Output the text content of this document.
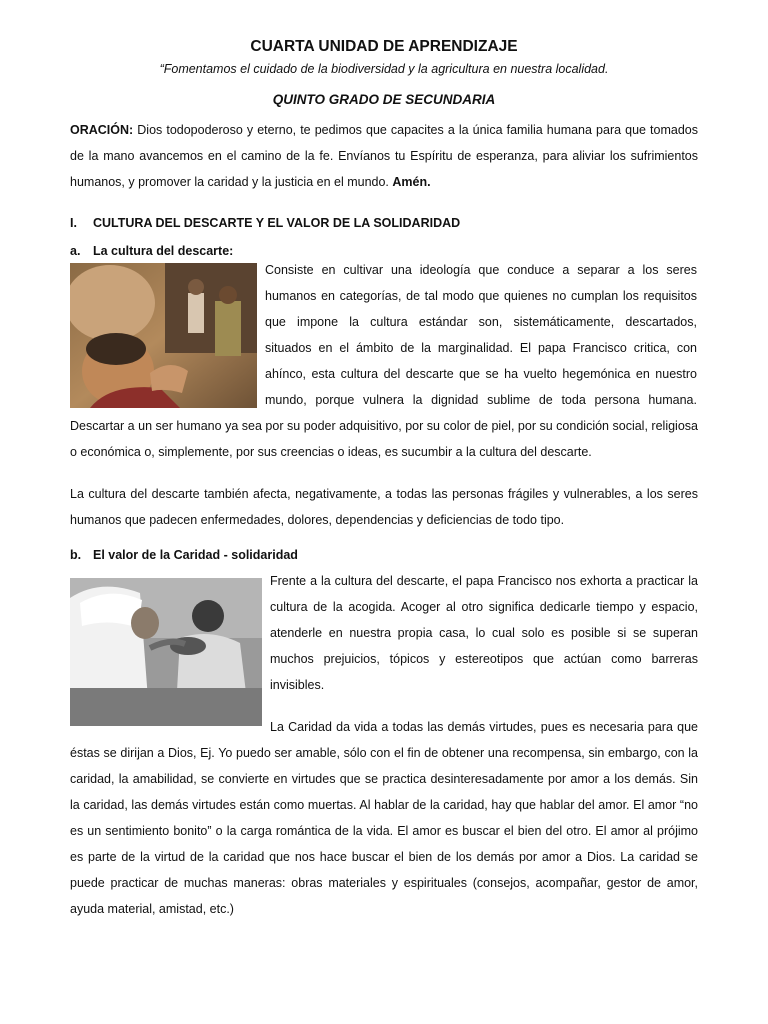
CUARTA UNIDAD DE APRENDIZAJE
“Fomentamos el cuidado de la biodiversidad y la agricultura en nuestra localidad.
QUINTO GRADO DE SECUNDARIA

ORACIÓN: Dios todopoderoso y eterno, te pedimos que capacites a la única familia humana para que tomados de la mano avancemos en el camino de la fe. Envíanos tu Espíritu de esperanza, para aliviar los sufrimientos humanos, y promover la caridad y la justicia en el mundo. Amén.

I. CULTURA DEL DESCARTE Y EL VALOR DE LA SOLIDARIDAD
a. La cultura del descarte:
Consiste en cultivar una ideología que conduce a separar a los seres
humanos en categorías, de tal modo que quienes no cumplan los requisitos
que impone la cultura estándar son, sistemáticamente, descartados,
situados en el ámbito de la marginalidad. El papa Francisco critica, con
ahínco, esta cultura del descarte que se ha vuelto hegemónica en nuestro
mundo, porque vulnera la dignidad sublime de toda persona humana.

Descartar a un ser humano ya sea por su poder adquisitivo, por su color de piel, por su condición social, religiosa o económica o, simplemente, por sus creencias o ideas, es sucumbir a la cultura del descarte.

La cultura del descarte también afecta, negativamente, a todas las personas frágiles y vulnerables, a los seres humanos que padecen enfermedades, dolores, dependencias y deficiencias de todo tipo.

b. El valor de la Caridad - solidaridad

Frente a la cultura del descarte, el papa Francisco nos exhorta a practicar la cultura de la acogida. Acoger al otro significa dedicarle tiempo y espacio, atenderle en nuestra propia casa, lo cual solo es posible si se superan muchos prejuicios, tópicos y estereotipos que actúan como barreras invisibles.

La Caridad da vida a todas las demás virtudes, pues es necesaria para que

éstas se dirijan a Dios, Ej. Yo puedo ser amable, sólo con el fin de obtener una recompensa, sin embargo, con la caridad, la amabilidad, se convierte en virtudes que se practica desinteresadamente por amor a los demás. Sin la caridad, las demás virtudes están como muertas. Al hablar de la caridad, hay que hablar del amor. El amor “no es un sentimiento bonito” o la carga romántica de la vida. El amor es buscar el bien del otro. El amor al prójimo es parte de la virtud de la caridad que nos hace buscar el bien de los demás por amor a Dios. La caridad se puede practicar de muchas maneras: obras materiales y espirituales (consejos, acompañar, gestor de amor, ayuda material, amistad, etc.)
